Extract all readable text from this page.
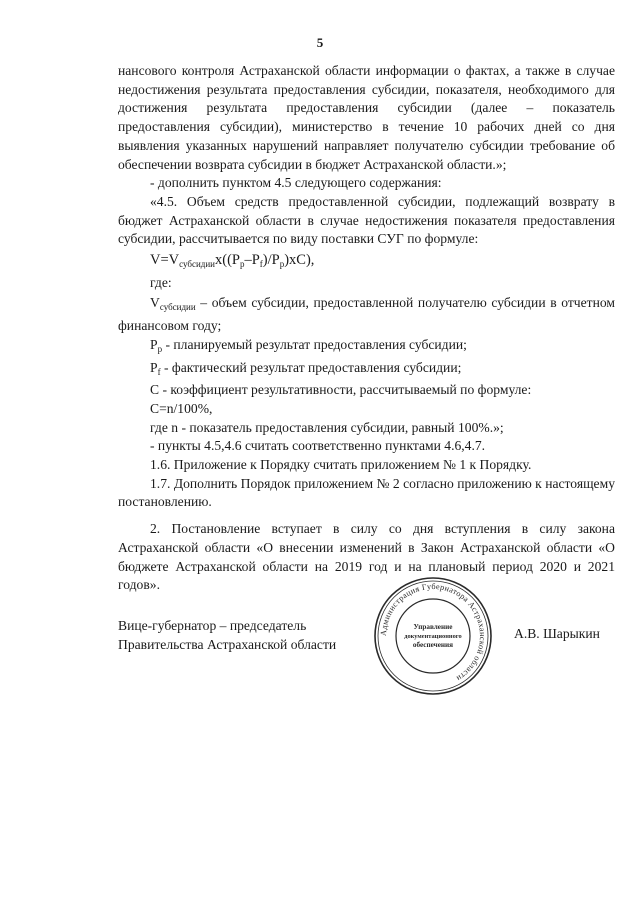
5

нансового контроля Астраханской области информации о фактах, а также в случае недостижения результата предоставления субсидии, показателя, необходимого для достижения результата предоставления субсидии (далее – показатель предоставления субсидии), министерство в течение 10 рабочих дней со дня выявления указанных нарушений направляет получателю субсидии требование об обеспечении возврата субсидии в бюджет Астраханской области.»;

- дополнить пунктом 4.5 следующего содержания:

«4.5. Объем средств предоставленной субсидии, подлежащий возврату в бюджет Астраханской области в случае недостижения показателя предоставления субсидии, рассчитывается по виду поставки СУГ по формуле:

$V=V_{субсидии}x((P_p-P_f)/P_p)xC$),

где:

$V_{субсидии}$ – объем субсидии, предоставленной получателю субсидии в отчетном финансовом году;

$P_p$ - планируемый результат предоставления субсидии;

$P_f$ - фактический результат предоставления субсидии;

С - коэффициент результативности, рассчитываемый по формуле:

C=n/100%,

где n - показатель предоставления субсидии, равный 100%.»;

- пункты 4.5,4.6 считать соответственно пунктами 4.6,4.7.

1.6. Приложение к Порядку считать приложением № 1 к Порядку.

1.7. Дополнить Порядок приложением № 2 согласно приложению к настоящему постановлению.

2. Постановление вступает в силу со дня вступления в силу закона Астраханской области «О внесении изменений в Закон Астраханской области «О бюджете Астраханской области на 2019 год и на плановый период 2020 и 2021 годов».

Вице-губернатор – председатель
Правительства Астраханской области
А.В. Шарыкин
Администрация Губернатора Астраханской области
Управление
документационного
обеспечения
